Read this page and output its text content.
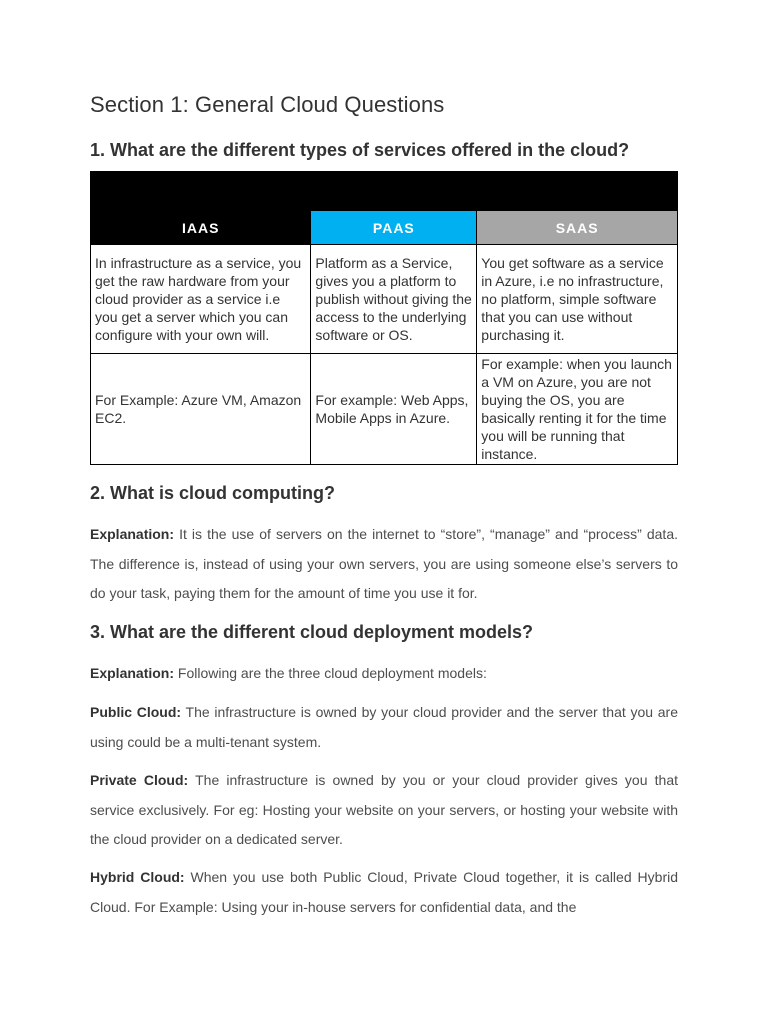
Section 1: General Cloud Questions
1. What are the different types of services offered in the cloud?

IAAS	PAAS	SAAS
In infrastructure as a service, you get the raw hardware from your cloud provider as a service i.e you get a server which you can configure with your own will.	Platform as a Service, gives you a platform to publish without giving the access to the underlying software or OS.	You get software as a service in Azure, i.e no infrastructure, no platform, simple software that you can use without purchasing it.
For Example: Azure VM, Amazon EC2.	For example: Web Apps, Mobile Apps in Azure.	For example: when you launch a VM on Azure, you are not buying the OS, you are basically renting it for the time you will be running that instance.
2. What is cloud computing?

Explanation: It is the use of servers on the internet to “store”, “manage” and “process” data. The difference is, instead of using your own servers, you are using someone else’s servers to do your task, paying them for the amount of time you use it for.

3. What are the different cloud deployment models?

Explanation: Following are the three cloud deployment models:

Public Cloud: The infrastructure is owned by your cloud provider and the server that you are using could be a multi-tenant system.

Private Cloud: The infrastructure is owned by you or your cloud provider gives you that service exclusively. For eg: Hosting your website on your servers, or hosting your website with the cloud provider on a dedicated server.

Hybrid Cloud: When you use both Public Cloud, Private Cloud together, it is called Hybrid Cloud. For Example: Using your in-house servers for confidential data, and the
